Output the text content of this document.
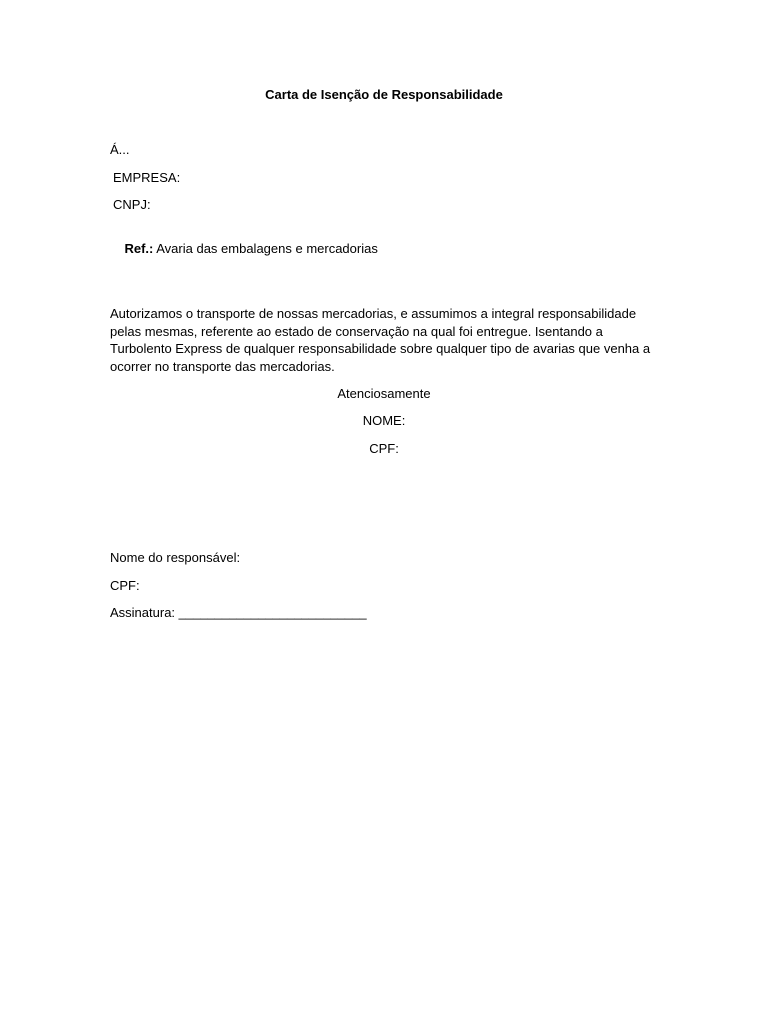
Carta de Isenção de Responsabilidade
Á...
EMPRESA:
CNPJ:

Ref.: Avaria das embalagens e mercadorias

Autorizamos o transporte de nossas mercadorias, e assumimos a integral responsabilidade
pelas mesmas, referente ao estado de conservação na qual foi entregue. Isentando a
Turbolento Express de qualquer responsabilidade sobre qualquer tipo de avarias que venha a
ocorrer no transporte das mercadorias.
Atenciosamente
NOME:
CPF:
Nome do responsável:
CPF:
Assinatura: __________________________
